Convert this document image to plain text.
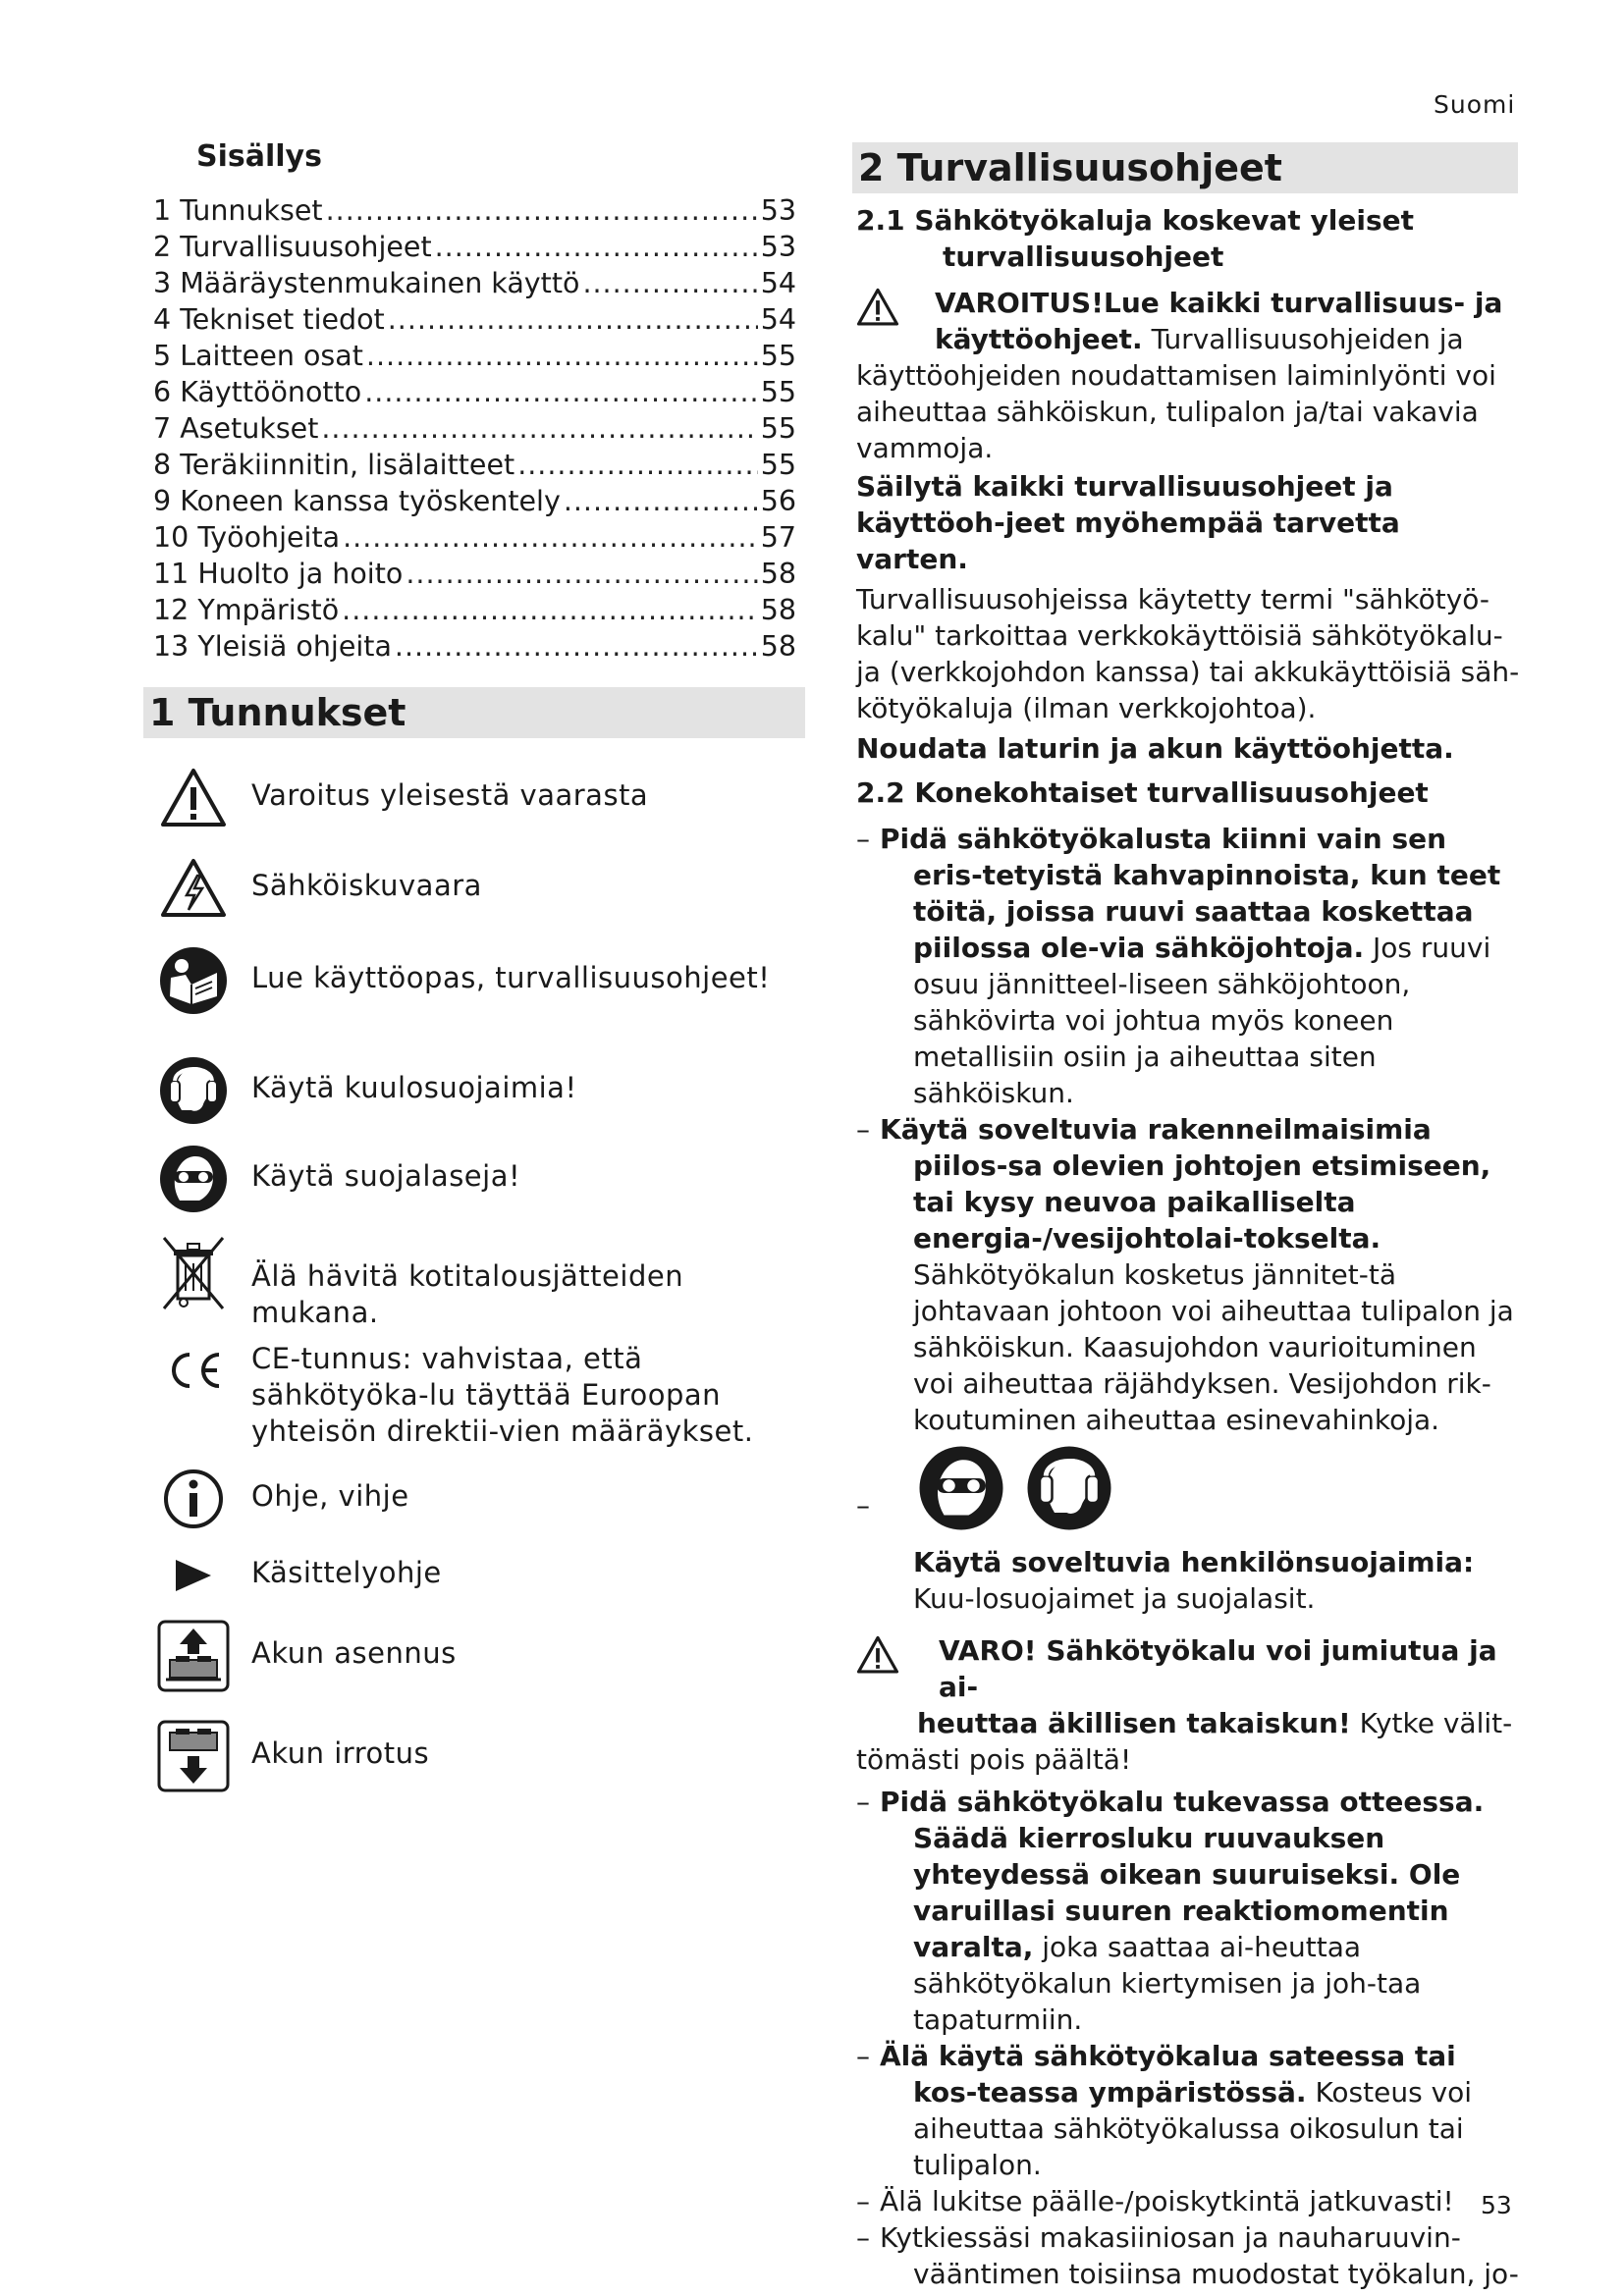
Suomi
Sisällys
1 Tunnukset .....	53
2 Turvallisuusohjeet .....	53
3 Määräystenmukainen käyttö .....	54
4 Tekniset tiedot .....	54
5 Laitteen osat .....	55
6 Käyttöönotto .....	55
7 Asetukset .....	55
8 Teräkiinnitin, lisälaitteet .....	55
9 Koneen kanssa työskentely .....	56
10 Työohjeita .....	57
11 Huolto ja hoito .....	58
12 Ympäristö .....	58
13 Yleisiä ohjeita .....	58
1 Tunnukset
Varoitus yleisestä vaarasta
Sähköiskuvaara
Lue käyttöopas, turvallisuusohjeet!
Käytä kuulosuojaimia!
Käytä suojalaseja!
Älä hävitä kotitalousjätteiden mukana.
CE-tunnus: vahvistaa, että sähkötyöka-lu täyttää Euroopan yhteisön direktii-vien määräykset.
Ohje, vihje
Käsittelyohje
Akun asennus
Akun irrotus
2 Turvallisuusohjeet
2.1 Sähkötyökaluja koskevat yleiset
turvallisuusohjeet
VAROITUS!Lue kaikki turvallisuus- ja
käyttöohjeet. Turvallisuusohjeiden ja
käyttöohjeiden noudattamisen laiminlyönti voi aiheuttaa sähköiskun, tulipalon ja/tai vakavia vammoja.
Säilytä kaikki turvallisuusohjeet ja käyttöoh-jeet myöhempää tarvetta varten.
Turvallisuusohjeissa käytetty termi "sähkötyö-kalu" tarkoittaa verkkokäyttöisiä sähkötyökalu-ja (verkkojohdon kanssa) tai akkukäyttöisiä säh-kötyökaluja (ilman verkkojohtoa).
Noudata laturin ja akun käyttöohjetta.
2.2 Konekohtaiset turvallisuusohjeet
– Pidä sähkötyökalusta kiinni vain sen eris-tetyistä kahvapinnoista, kun teet töitä, joissa ruuvi saattaa koskettaa piilossa ole-via sähköjohtoja. Jos ruuvi osuu jännitteel-liseen sähköjohtoon, sähkövirta voi johtua myös koneen metallisiin osiin ja aiheuttaa siten sähköiskun.
– Käytä soveltuvia rakenneilmaisimia piilos-sa olevien johtojen etsimiseen, tai kysy neuvoa paikalliselta energia-/vesijohtolai-tokselta. Sähkötyökalun kosketus jännitet-tä johtavaan johtoon voi aiheuttaa tulipalon ja sähköiskun. Kaasujohdon vaurioituminen voi aiheuttaa räjähdyksen. Vesijohdon rik-koutuminen aiheuttaa esinevahinkoja.
–
Käytä soveltuvia henkilönsuojaimia: Kuu-losuojaimet ja suojalasit.
VARO! Sähkötyökalu voi jumiutua ja ai-
heuttaa äkillisen takaiskun! Kytke välit-
tömästi pois päältä!
– Pidä sähkötyökalu tukevassa otteessa. Säädä kierrosluku ruuvauksen yhteydessä oikean suuruiseksi. Ole varuillasi suuren reaktiomomentin varalta, joka saattaa ai-heuttaa sähkötyökalun kiertymisen ja joh-taa tapaturmiin.
– Älä käytä sähkötyökalua sateessa tai kos-teassa ympäristössä. Kosteus voi aiheuttaa sähkötyökalussa oikosulun tai tulipalon.
– Älä lukitse päälle-/poiskytkintä jatkuvasti!
– Kytkiessäsi makasiiniosan ja nauharuuvin-vääntimen toisiinsa muodostat työkalun, jo-
53
